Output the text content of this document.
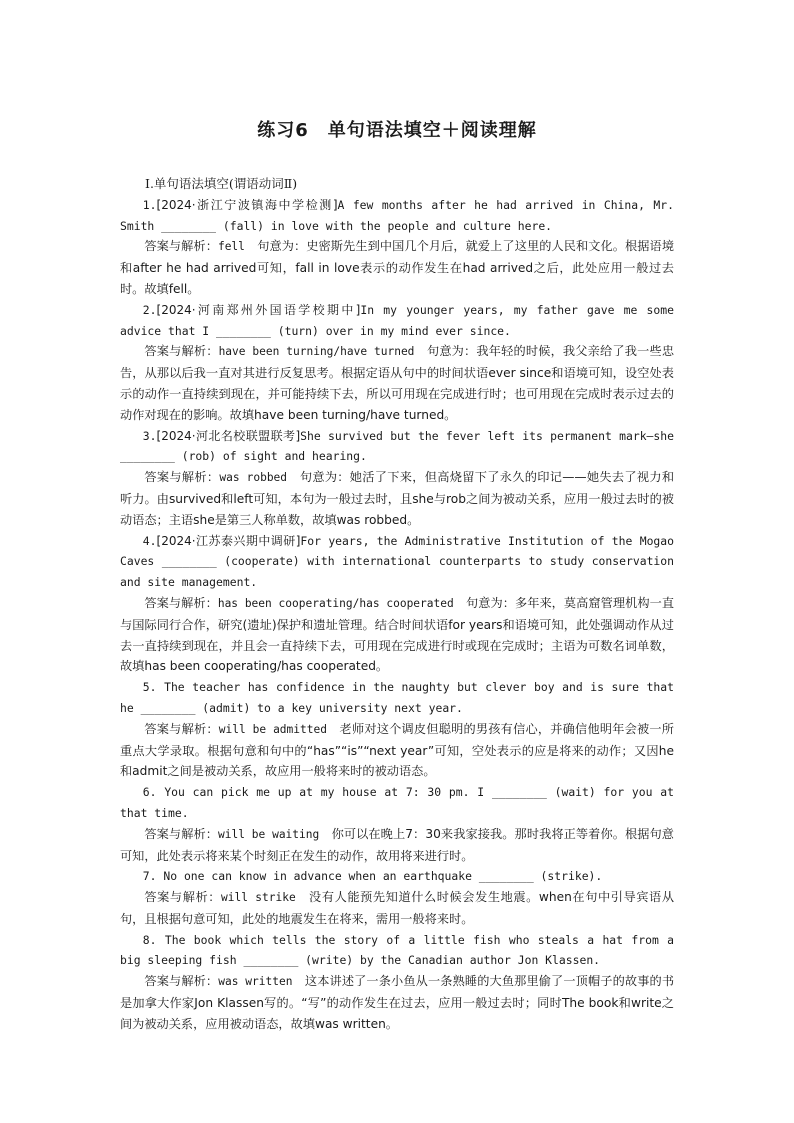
练习6　单句语法填空＋阅读理解

Ⅰ.单句语法填空(谓语动词Ⅱ)

1.[2024·浙江宁波镇海中学检测]A few months after he had arrived in China, Mr. Smith ________ (fall) in love with the people and culture here.

答案与解析：fell　句意为：史密斯先生到中国几个月后，就爱上了这里的人民和文化。根据语境和after he had arrived可知，fall in love表示的动作发生在had arrived之后，此处应用一般过去时。故填fell。

2.[2024·河南郑州外国语学校期中]In my younger years, my father gave me some advice that I ________ (turn) over in my mind ever since.

答案与解析：have been turning/have turned　句意为：我年轻的时候，我父亲给了我一些忠告，从那以后我一直对其进行反复思考。根据定语从句中的时间状语ever since和语境可知，设空处表示的动作一直持续到现在，并可能持续下去，所以可用现在完成进行时；也可用现在完成时表示过去的动作对现在的影响。故填have been turning/have turned。

3.[2024·河北名校联盟联考]She survived but the fever left its permanent mark—she ________ (rob) of sight and hearing.

答案与解析：was robbed　句意为：她活了下来，但高烧留下了永久的印记——她失去了视力和听力。由survived和left可知，本句为一般过去时，且she与rob之间为被动关系，应用一般过去时的被动语态；主语she是第三人称单数，故填was robbed。

4.[2024·江苏泰兴期中调研]For years, the Administrative Institution of the Mogao Caves ________ (cooperate) with international counterparts to study conservation and site management.

答案与解析：has been cooperating/has cooperated　句意为：多年来，莫高窟管理机构一直与国际同行合作，研究(遗址)保护和遗址管理。结合时间状语for years和语境可知，此处强调动作从过去一直持续到现在，并且会一直持续下去，可用现在完成进行时或现在完成时；主语为可数名词单数，故填has been cooperating/has cooperated。

5. The teacher has confidence in the naughty but clever boy and is sure that he ________ (admit) to a key university next year.

答案与解析：will be admitted　老师对这个调皮但聪明的男孩有信心，并确信他明年会被一所重点大学录取。根据句意和句中的“has”“is”“next year”可知，空处表示的应是将来的动作；又因he和admit之间是被动关系，故应用一般将来时的被动语态。

6. You can pick me up at my house at 7: 30 pm. I ________ (wait) for you at that time.

答案与解析：will be waiting　你可以在晚上7：30来我家接我。那时我将正等着你。根据句意可知，此处表示将来某个时刻正在发生的动作，故用将来进行时。

7. No one can know in advance when an earthquake ________ (strike).

答案与解析：will strike　没有人能预先知道什么时候会发生地震。when在句中引导宾语从句，且根据句意可知，此处的地震发生在将来，需用一般将来时。

8. The book which tells the story of a little fish who steals a hat from a big sleeping fish ________ (write) by the Canadian author Jon Klassen.

答案与解析：was written　这本讲述了一条小鱼从一条熟睡的大鱼那里偷了一顶帽子的故事的书是加拿大作家Jon Klassen写的。“写”的动作发生在过去，应用一般过去时；同时The book和write之间为被动关系，应用被动语态，故填was written。
